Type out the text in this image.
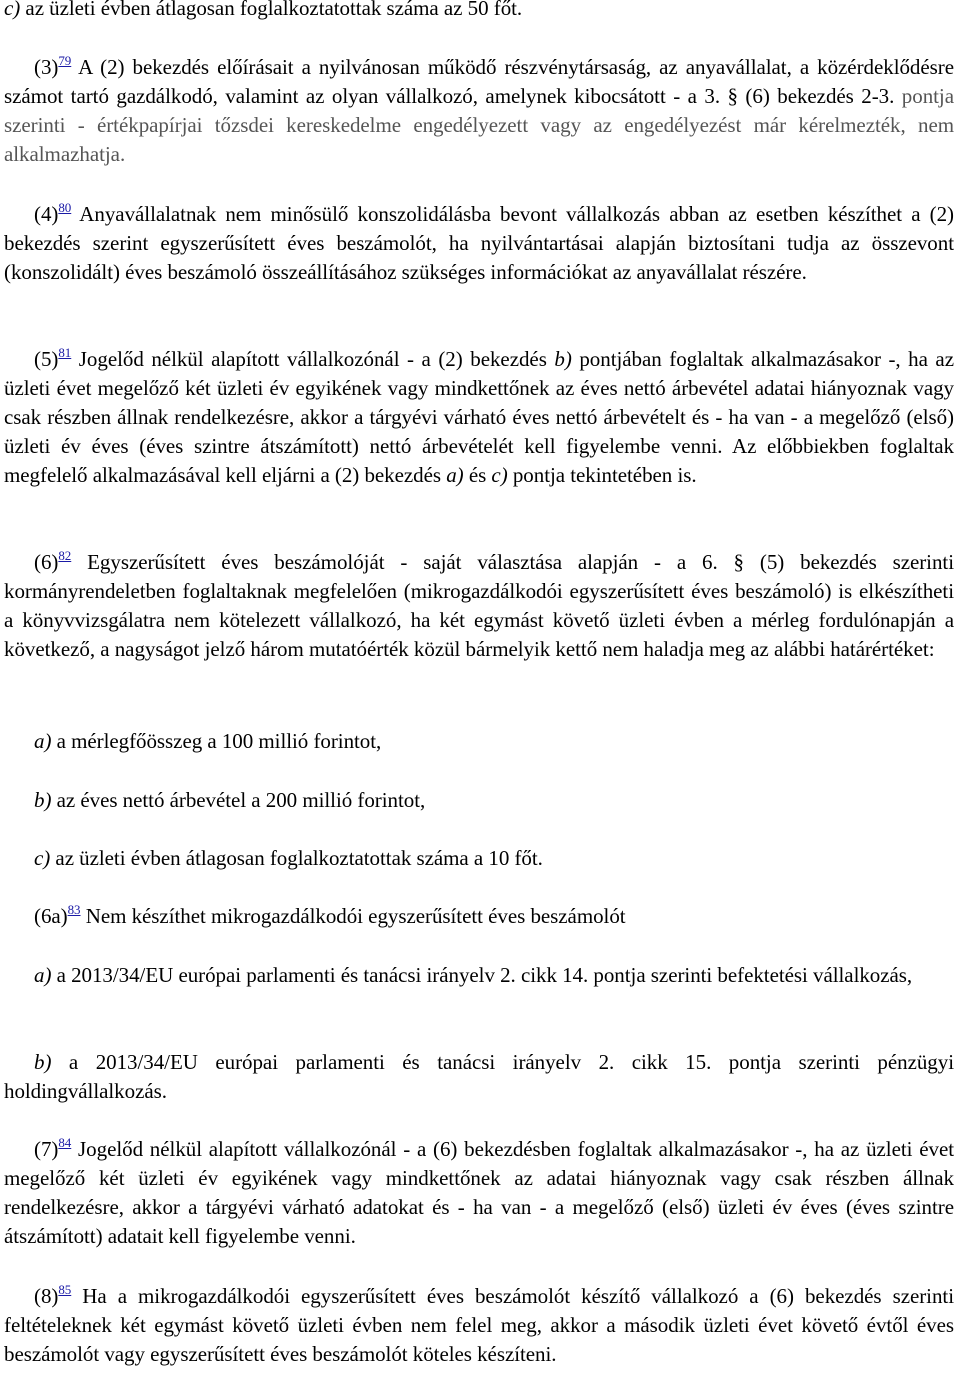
c) az üzleti évben átlagosan foglalkoztatottak száma az 50 főt.

(3)$^{79}$ A (2) bekezdés előírásait a nyilvánosan működő részvénytársaság, az anyavállalat, a közérdeklődésre számot tartó gazdálkodó, valamint az olyan vállalkozó, amelynek kibocsátott - a 3. § (6) bekezdés 2-3. pontja szerinti - értékpapírjai tőzsdei kereskedelme engedélyezett vagy az engedélyezést már kérelmezték, nem alkalmazhatja.

(4)$^{80}$ Anyavállalatnak nem minősülő konszolidálásba bevont vállalkozás abban az esetben készíthet a (2) bekezdés szerint egyszerűsített éves beszámolót, ha nyilvántartásai alapján biztosítani tudja az összevont (konszolidált) éves beszámoló összeállításához szükséges információkat az anyavállalat részére.

(5)$^{81}$ Jogelőd nélkül alapított vállalkozónál - a (2) bekezdés b) pontjában foglaltak alkalmazásakor -, ha az üzleti évet megelőző két üzleti év egyikének vagy mindkettőnek az éves nettó árbevétel adatai hiányoznak vagy csak részben állnak rendelkezésre, akkor a tárgyévi várható éves nettó árbevételt és - ha van - a megelőző (első) üzleti év éves (éves szintre átszámított) nettó árbevételét kell figyelembe venni. Az előbbiekben foglaltak megfelelő alkalmazásával kell eljárni a (2) bekezdés a) és c) pontja tekintetében is.

(6)$^{82}$ Egyszerűsített éves beszámolóját - saját választása alapján - a 6. § (5) bekezdés szerinti kormányrendeletben foglaltaknak megfelelően (mikrogazdálkodói egyszerűsített éves beszámoló) is elkészítheti a könyvvizsgálatra nem kötelezett vállalkozó, ha két egymást követő üzleti évben a mérleg fordulónapján a következő, a nagyságot jelző három mutatóérték közül bármelyik kettő nem haladja meg az alábbi határértéket:

a) a mérlegfőösszeg a 100 millió forintot,

b) az éves nettó árbevétel a 200 millió forintot,

c) az üzleti évben átlagosan foglalkoztatottak száma a 10 főt.

(6a)$^{83}$ Nem készíthet mikrogazdálkodói egyszerűsített éves beszámolót

a) a 2013/34/EU európai parlamenti és tanácsi irányelv 2. cikk 14. pontja szerinti befektetési vállalkozás,

b) a 2013/34/EU európai parlamenti és tanácsi irányelv 2. cikk 15. pontja szerinti pénzügyi holdingvállalkozás.

(7)$^{84}$ Jogelőd nélkül alapított vállalkozónál - a (6) bekezdésben foglaltak alkalmazásakor -, ha az üzleti évet megelőző két üzleti év egyikének vagy mindkettőnek az adatai hiányoznak vagy csak részben állnak rendelkezésre, akkor a tárgyévi várható adatokat és - ha van - a megelőző (első) üzleti év éves (éves szintre átszámított) adatait kell figyelembe venni.

(8)$^{85}$ Ha a mikrogazdálkodói egyszerűsített éves beszámolót készítő vállalkozó a (6) bekezdés szerinti feltételeknek két egymást követő üzleti évben nem felel meg, akkor a második üzleti évet követő évtől éves beszámolót vagy egyszerűsített éves beszámolót köteles készíteni.
